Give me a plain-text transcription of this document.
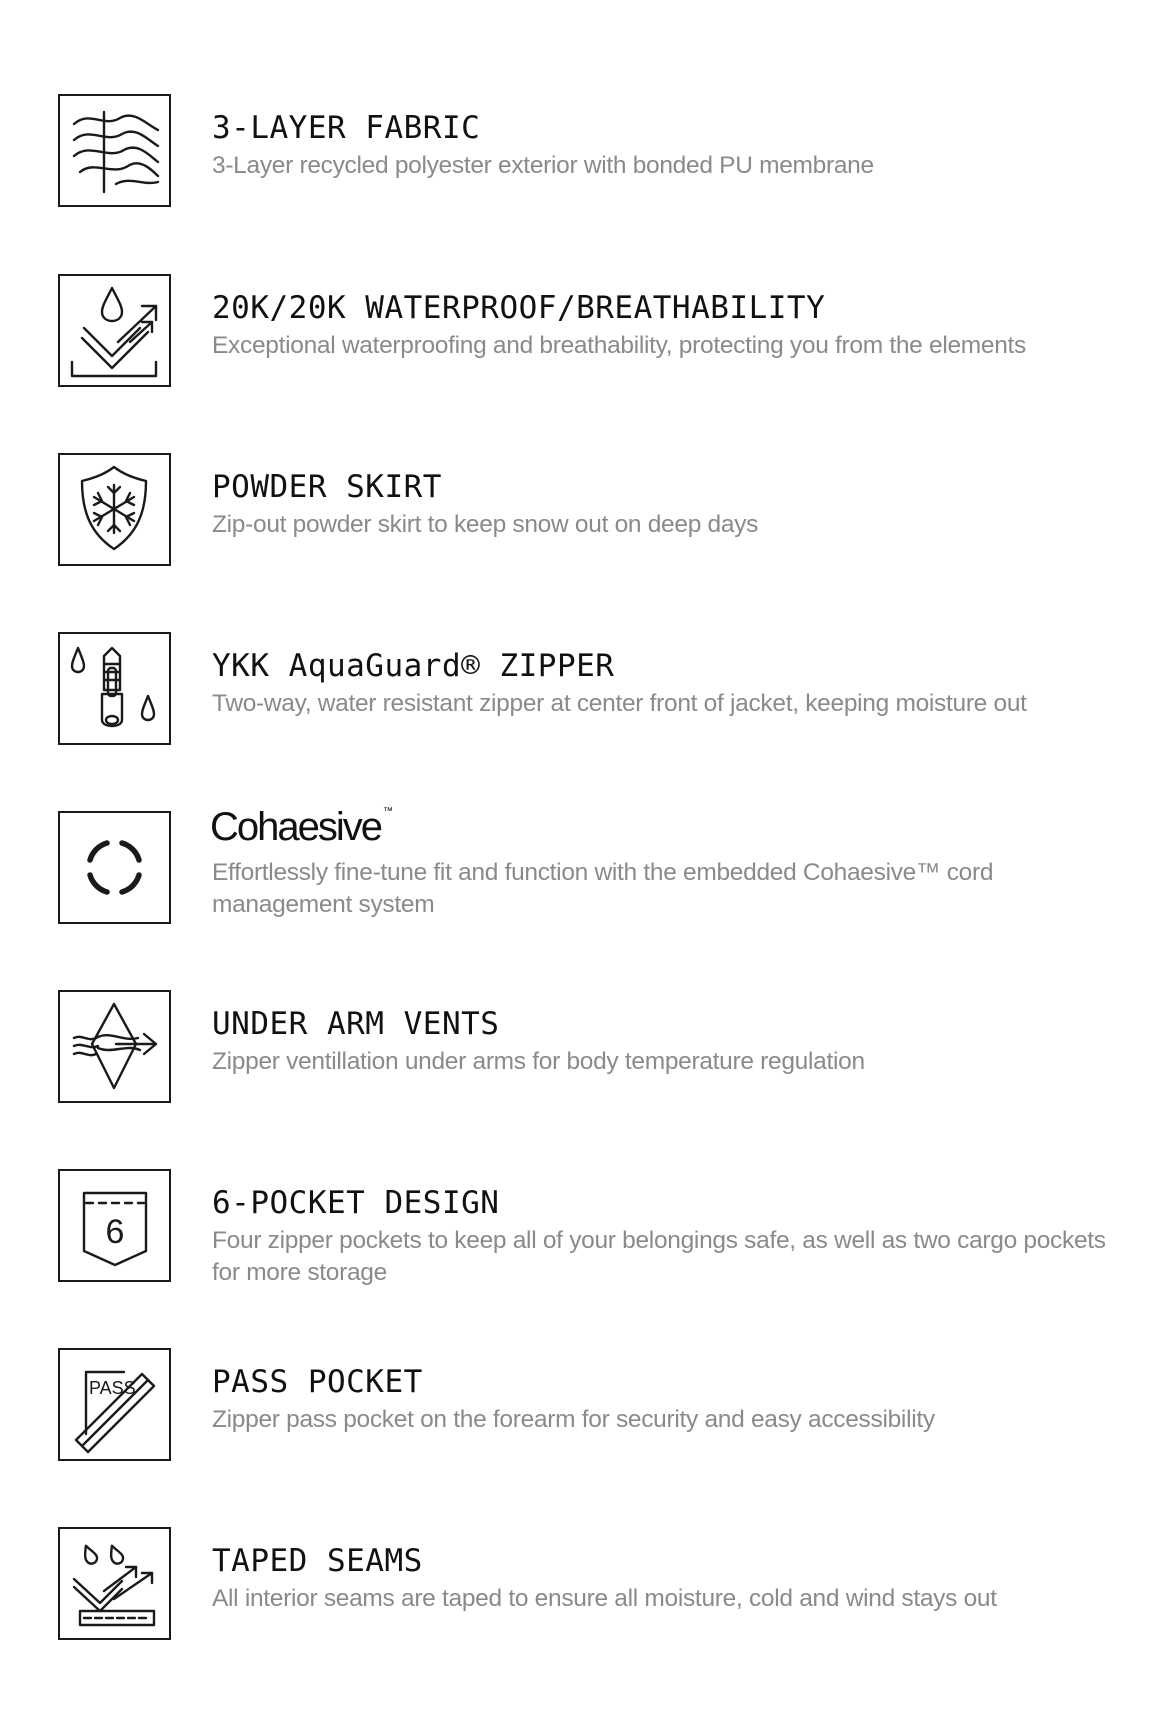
3-LAYER FABRIC
3-Layer recycled polyester exterior with bonded PU membrane
20K/20K WATERPROOF/BREATHABILITY
Exceptional waterproofing and breathability, protecting you from the elements
POWDER SKIRT
Zip-out powder skirt to keep snow out on deep days
YKK AquaGuard® ZIPPER
Two-way, water resistant zipper at center front of jacket, keeping moisture out
Cohaesive ™
Effortlessly fine-tune fit and function with the embedded Cohaesive™ cord management system
UNDER ARM VENTS
Zipper ventillation under arms for body temperature regulation
6
6-POCKET DESIGN
Four zipper pockets to keep all of your belongings safe, as well as two cargo pockets for more storage
PASS PASS POCKET
Zipper pass pocket on the forearm for security and easy accessibility
TAPED SEAMS
All interior seams are taped to ensure all moisture, cold and wind stays out
